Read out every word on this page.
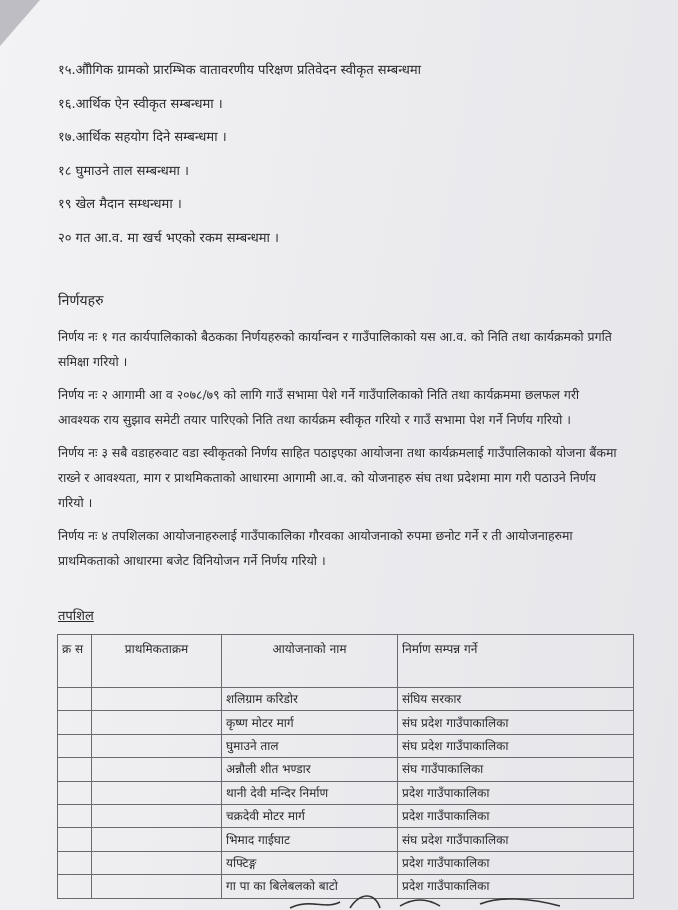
१५.औौगिक ग्रामको प्रारम्भिक वातावरणीय परिक्षण प्रतिवेदन स्वीकृत सम्बन्धमा
१६.आर्थिक ऐन स्वीकृत सम्बन्धमा ।
१७.आर्थिक सहयोग दिने सम्बन्धमा ।
१८ घुमाउने ताल सम्बन्धमा ।
१९ खेल मैदान सम्धन्धमा ।
२० गत आ.व. मा खर्च भएको रकम सम्बन्धमा ।
निर्णयहरु

निर्णय नः १ गत कार्यपालिकाको बैठकका निर्णयहरुको कार्यान्वन र गाउँपालिकाको यस आ.व. को निति तथा कार्यक्रमको प्रगति समिक्षा गरियो ।

निर्णय नः २ आगामी आ व २०७८/७९ को लागि गाउँ सभामा पेशे गर्ने गाउँपालिकाको निति तथा कार्यक्रममा छलफल गरी आवश्यक राय सुझाव समेटी तयार पारिएको निति तथा कार्यक्रम स्वीकृत गरियो र गाउँ सभामा पेश गर्ने निर्णय गरियो ।

निर्णय नः ३ सबै वडाहरुवाट वडा स्वीकृतको निर्णय साहित पठाइएका आयोजना तथा कार्यक्रमलाई गाउँपालिकाको योजना बैंकमा राख्ने र आवश्यता, माग र प्राथमिकताको आधारमा आगामी आ.व. को योजनाहरु संघ तथा प्रदेशमा माग गरी पठाउने निर्णय गरियो ।

निर्णय नः ४ तपशिलका आयोजनाहरुलाई गाउँपाकालिका गौरवका आयोजनाको रुपमा छनोट गर्ने र ती आयोजनाहरुमा प्राथमिकताको आधारमा बजेट विनियोजन गर्ने निर्णय गरियो ।

तपशिल
क्र स	प्राथमिकताक्रम	आयोजनाको नाम	निर्माण सम्पन्न गर्ने
		शलिग्राम करिडोर	संघिय सरकार
		कृष्ण मोटर मार्ग	संघ प्रदेश गाउँपाकालिका
		घुमाउने ताल	संघ प्रदेश गाउँपाकालिका
		अन्नौली शीत भण्डार	संघ गाउँपाकालिका
		थानी देवी मन्दिर निर्माण	प्रदेश गाउँपाकालिका
		चक्रदेवी मोटर मार्ग	प्रदेश गाउँपाकालिका
		भिमाद गाईघाट	संघ प्रदेश गाउँपाकालिका
		यफ्टिङ्ग	प्रदेश गाउँपाकालिका
		गा पा का बिलेबलको बाटो	प्रदेश गाउँपाकालिका
